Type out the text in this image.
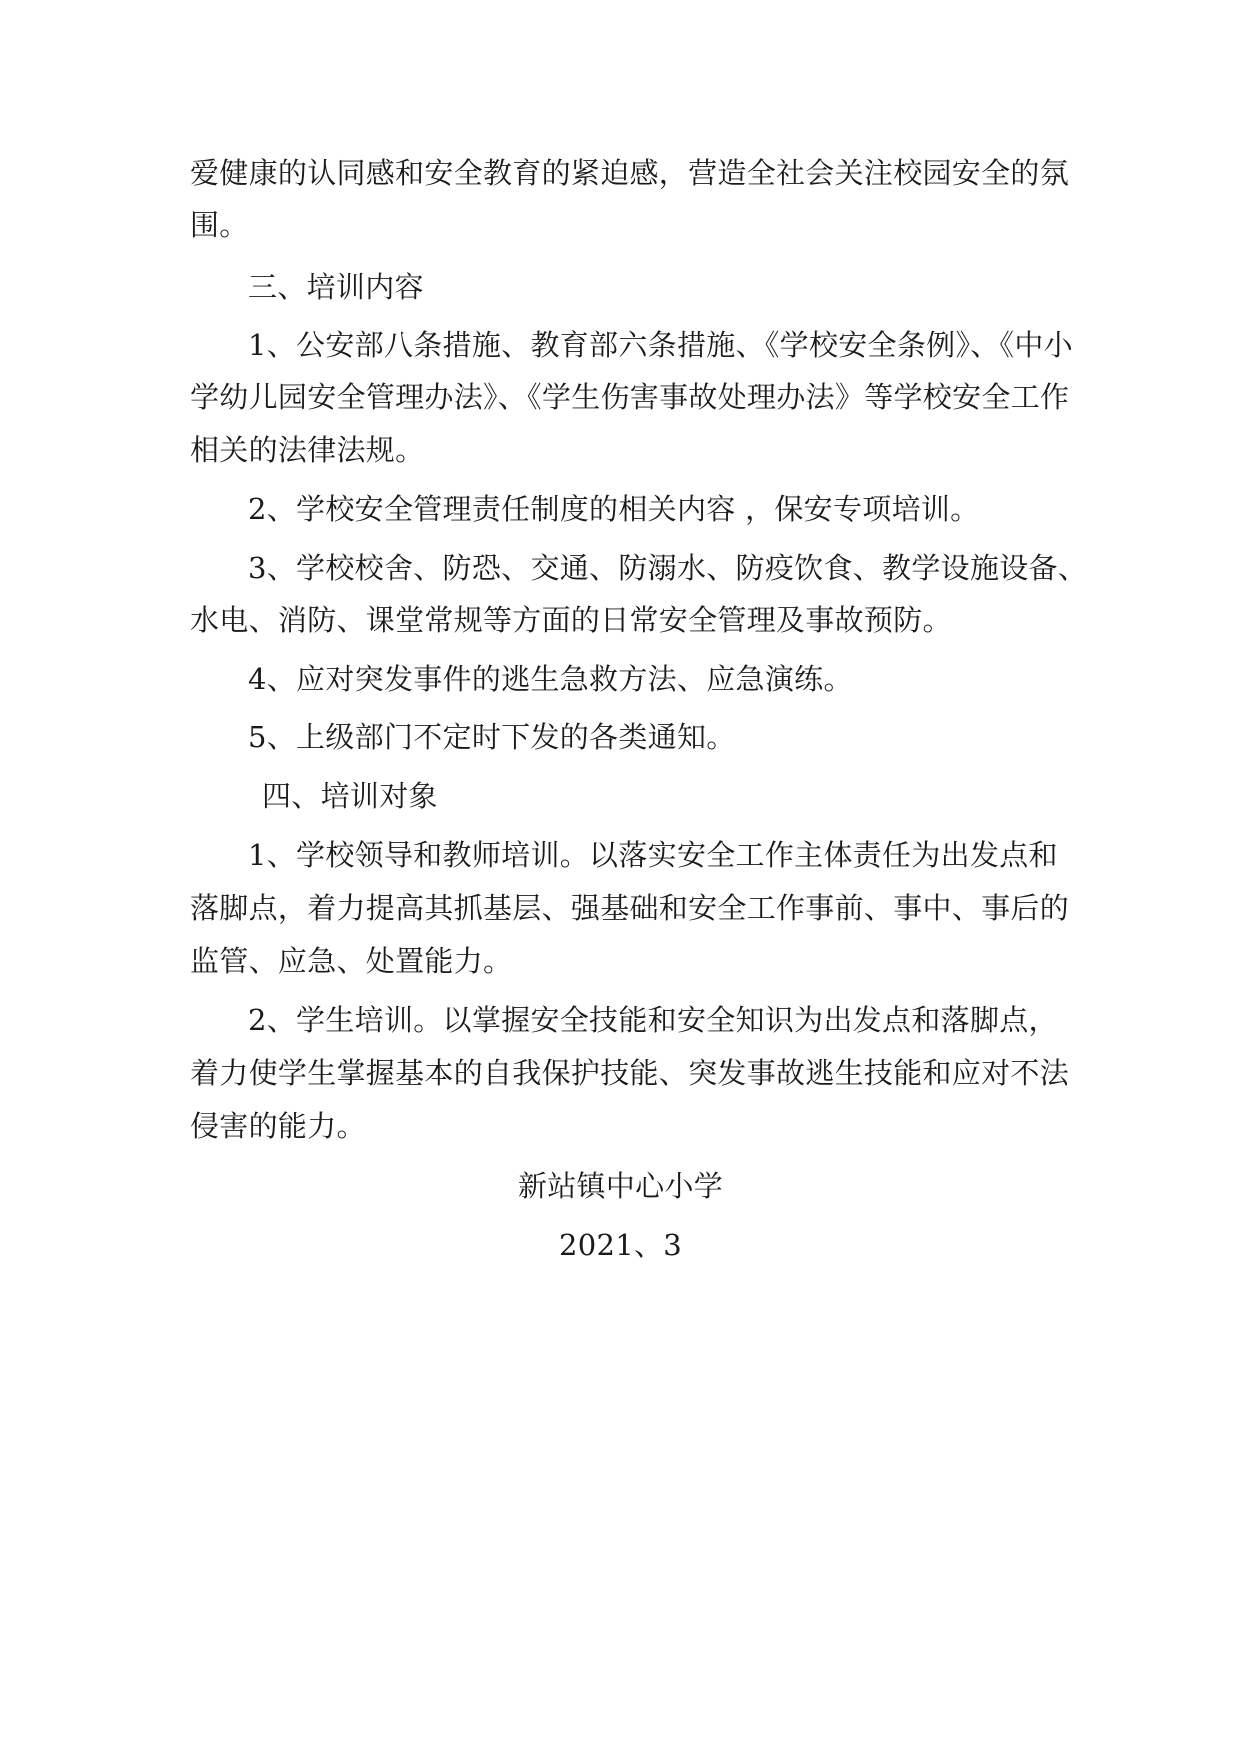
爱健康的认同感和安全教育的紧迫感，营造全社会关注校园安全的氛
围。
三、培训内容
1、公安部八条措施、教育部六条措施、《学校安全条例》、《中小
学幼儿园安全管理办法》、《学生伤害事故处理办法》等学校安全工作
相关的法律法规。
2、学校安全管理责任制度的相关内容 ，保安专项培训。
3、学校校舍、防恐、交通、防溺水、防疫饮食、教学设施设备、
水电、消防、课堂常规等方面的日常安全管理及事故预防。
4、应对突发事件的逃生急救方法、应急演练。
5、上级部门不定时下发的各类通知。
四、培训对象
1、学校领导和教师培训。以落实安全工作主体责任为出发点和
落脚点，着力提高其抓基层、强基础和安全工作事前、事中、事后的
监管、应急、处置能力。
2、学生培训。以掌握安全技能和安全知识为出发点和落脚点，
着力使学生掌握基本的自我保护技能、突发事故逃生技能和应对不法
侵害的能力。
新站镇中心小学
2021、3
